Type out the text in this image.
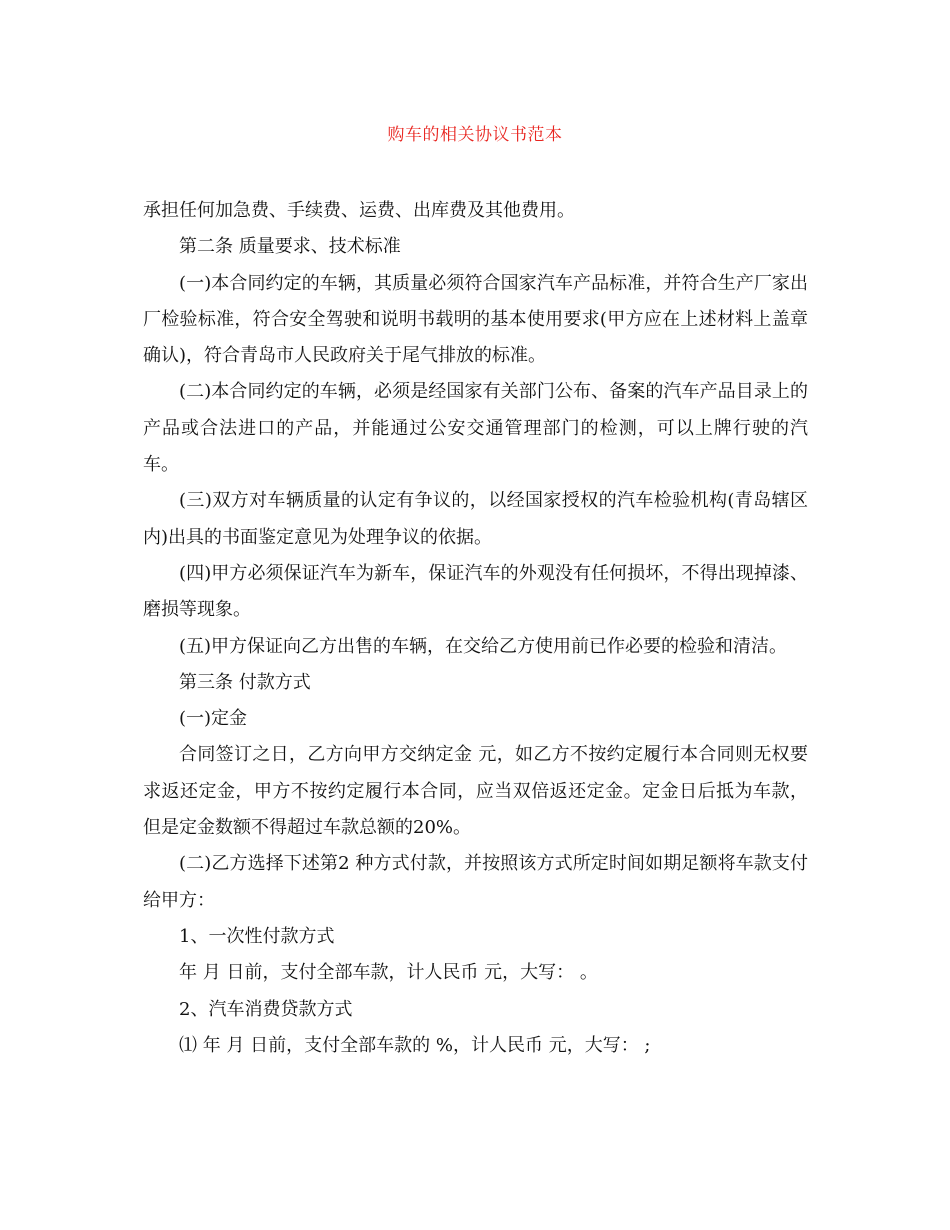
购车的相关协议书范本

承担任何加急费、手续费、运费、出库费及其他费用。

第二条 质量要求、技术标准

(一)本合同约定的车辆，其质量必须符合国家汽车产品标准，并符合生产厂家出厂检验标准，符合安全驾驶和说明书载明的基本使用要求(甲方应在上述材料上盖章确认)，符合青岛市人民政府关于尾气排放的标准。

(二)本合同约定的车辆，必须是经国家有关部门公布、备案的汽车产品目录上的产品或合法进口的产品，并能通过公安交通管理部门的检测，可以上牌行驶的汽车。

(三)双方对车辆质量的认定有争议的，以经国家授权的汽车检验机构(青岛辖区内)出具的书面鉴定意见为处理争议的依据。

(四)甲方必须保证汽车为新车，保证汽车的外观没有任何损坏，不得出现掉漆、磨损等现象。

(五)甲方保证向乙方出售的车辆，在交给乙方使用前已作必要的检验和清洁。

第三条 付款方式

(一)定金

合同签订之日，乙方向甲方交纳定金 元，如乙方不按约定履行本合同则无权要求返还定金，甲方不按约定履行本合同，应当双倍返还定金。定金日后抵为车款，但是定金数额不得超过车款总额的20%。

(二)乙方选择下述第2 种方式付款，并按照该方式所定时间如期足额将车款支付给甲方：

1、一次性付款方式

年 月 日前，支付全部车款，计人民币 元，大写： 。

2、汽车消费贷款方式

⑴ 年 月 日前，支付全部车款的 %，计人民币 元，大写： ;
